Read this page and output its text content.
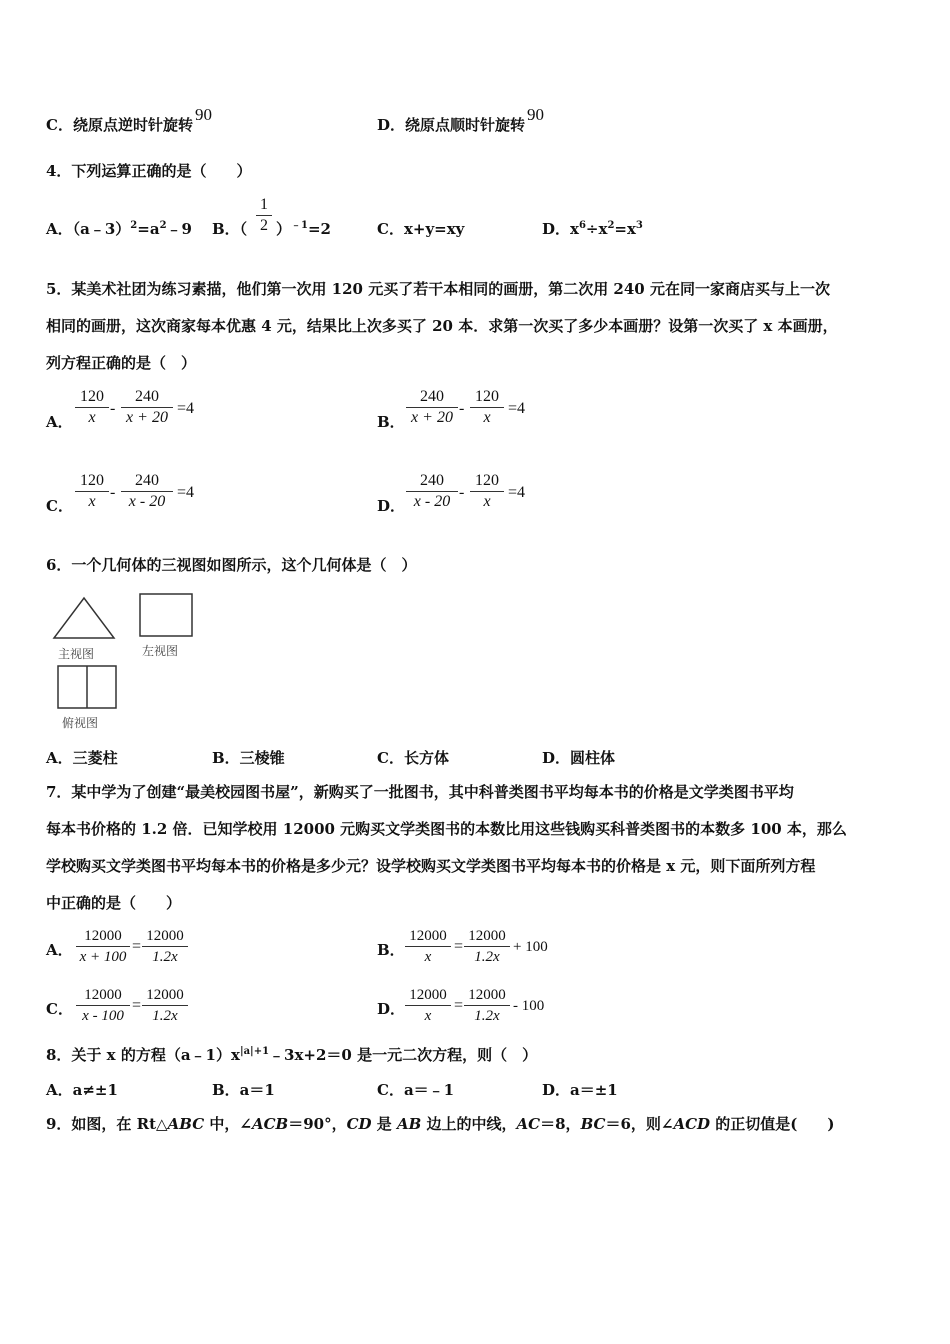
C．绕原点逆时针旋转90
D．绕原点顺时针旋转90
4．下列运算正确的是（　　）
A．$(a﹣3)^2=a^2﹣9$ B．（ $\frac{1}{2} )^{﹣1}=2$	C．x+y=xy	D．$x^6\div x^2=x^3$
5．某美术社团为练习素描，他们第一次用 120 元买了若干本相同的画册，第二次用 240 元在同一家商店买与上一次
相同的画册，这次商家每本优惠 4 元，结果比上次多买了 20 本．求第一次买了多少本画册？设第一次买了 x 本画册，
列方程正确的是（　）
A． $\frac{120}{x} - \frac{240}{x + 20} =4$
B． $\frac{240}{x + 20} - \frac{120}{x} =4$
C． $\frac{120}{x} - \frac{240}{x - 20} =4$
D． $\frac{240}{x - 20} - \frac{120}{x} =4$
6．一个几何体的三视图如图所示，这个几何体是（　）
主视图	左视图
俯视图
A．三菱柱	B．三棱锥	C．长方体	D．圆柱体
7．某中学为了创建“最美校园图书屋”，新购买了一批图书，其中科普类图书平均每本书的价格是文学类图书平均
每本书价格的 1.2 倍．已知学校用 12000 元购买文学类图书的本数比用这些钱购买科普类图书的本数多 100 本，那么
学校购买文学类图书平均每本书的价格是多少元？设学校购买文学类图书平均每本书的价格是 x 元，则下面所列方程
中正确的是（　　）
A． $\frac{12000}{x + 100} = \frac{12000}{1.2x}$	B． $\frac{12000}{x} = \frac{12000}{1.2x} + 100$
C． $\frac{12000}{x - 100} = \frac{12000}{1.2x}$	D． $\frac{12000}{x} = \frac{12000}{1.2x} - 100$
8．关于 x 的方程$(a﹣1)x^{|a|+1}﹣3x+2=0$ 是一元二次方程，则（　）
A．a≠±1	B．a＝1	C．a＝﹣1	D．a＝±1
9．如图，在 Rt△ABC 中，∠ACB＝90°，CD 是 AB 边上的中线，AC＝8，BC＝6，则∠ACD 的正切值是(　　)
